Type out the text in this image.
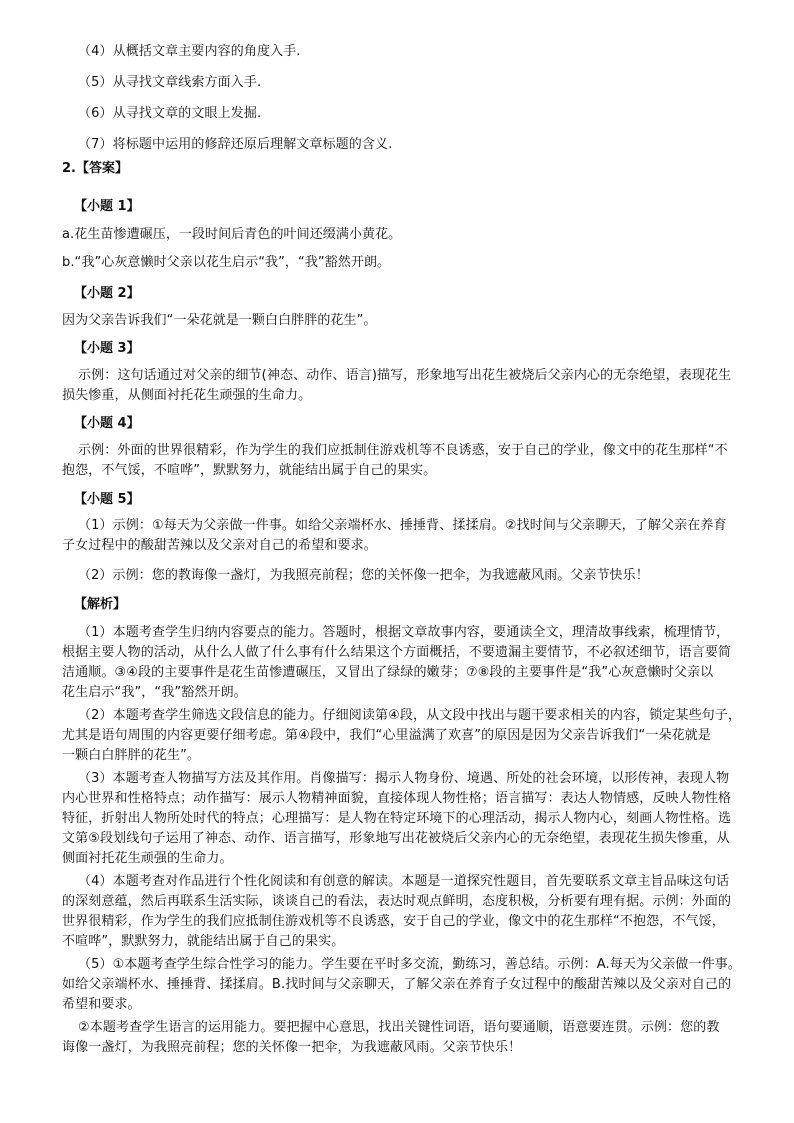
（4）从概括文章主要内容的角度入手.
（5）从寻找文章线索方面入手.
（6）从寻找文章的文眼上发掘.
（7）将标题中运用的修辞还原后理解文章标题的含义.
2.【答案】
【小题 1】
a.花生苗惨遭碾压，一段时间后青色的叶间还缀满小黄花。
b.“我”心灰意懒时父亲以花生启示“我”，“我”豁然开朗。
【小题 2】
因为父亲告诉我们“一朵花就是一颗白白胖胖的花生”。
【小题 3】
示例：这句话通过对父亲的细节(神态、动作、语言)描写，形象地写出花生被烧后父亲内心的无奈绝望，表现花生
损失惨重，从侧面衬托花生顽强的生命力。
【小题 4】
示例：外面的世界很精彩，作为学生的我们应抵制住游戏机等不良诱惑，安于自己的学业，像文中的花生那样“不
抱怨，不气馁，不喧哗”，默默努力，就能结出属于自己的果实。
【小题 5】
（1）示例：①每天为父亲做一件事。如给父亲端杯水、捶捶背、揉揉肩。②找时间与父亲聊天，了解父亲在养育
子女过程中的酸甜苦辣以及父亲对自己的希望和要求。
（2）示例：您的教诲像一盏灯，为我照亮前程；您的关怀像一把伞，为我遮蔽风雨。父亲节快乐！
【解析】
（1）本题考查学生归纳内容要点的能力。答题时，根据文章故事内容，要通读全文，理清故事线索，梳理情节，
根据主要人物的活动，从什么人做了什么事有什么结果这个方面概括，不要遗漏主要情节，不必叙述细节，语言要简
洁通顺。③④段的主要事件是花生苗惨遭碾压，又冒出了绿绿的嫩芽；⑦⑧段的主要事件是“我”心灰意懒时父亲以
花生启示“我”，“我”豁然开朗。
（2）本题考查学生筛选文段信息的能力。仔细阅读第④段，从文段中找出与题干要求相关的内容，锁定某些句子，
尤其是语句周围的内容更要仔细考虑。第④段中，我们“心里溢满了欢喜”的原因是因为父亲告诉我们“一朵花就是
一颗白白胖胖的花生”。
（3）本题考查人物描写方法及其作用。肖像描写：揭示人物身份、境遇、所处的社会环境，以形传神，表现人物
内心世界和性格特点；动作描写：展示人物精神面貌，直接体现人物性格；语言描写：表达人物情感，反映人物性格
特征，折射出人物所处时代的特点；心理描写：是人物在特定环境下的心理活动，揭示人物内心，刻画人物性格。选
文第⑤段划线句子运用了神态、动作、语言描写，形象地写出花被烧后父亲内心的无奈绝望，表现花生损失惨重，从
侧面衬托花生顽强的生命力。
（4）本题考查对作品进行个性化阅读和有创意的解读。本题是一道探究性题目，首先要联系文章主旨品味这句话
的深刻意蕴，然后再联系生活实际，谈谈自己的看法，表达时观点鲜明，态度积极，分析要有理有据。示例：外面的
世界很精彩，作为学生的我们应抵制住游戏机等不良诱惑，安于自己的学业，像文中的花生那样“不抱怨，不气馁，
不喧哗”，默默努力，就能结出属于自己的果实。
（5）①本题考查学生综合性学习的能力。学生要在平时多交流，勤练习，善总结。示例：A.每天为父亲做一件事。
如给父亲端杯水、捶捶背、揉揉肩。B.找时间与父亲聊天，了解父亲在养育子女过程中的酸甜苦辣以及父亲对自己的
希望和要求。
②本题考查学生语言的运用能力。要把握中心意思，找出关键性词语，语句要通顺，语意要连贯。示例：您的教
诲像一盏灯，为我照亮前程；您的关怀像一把伞，为我遮蔽风雨。父亲节快乐！
